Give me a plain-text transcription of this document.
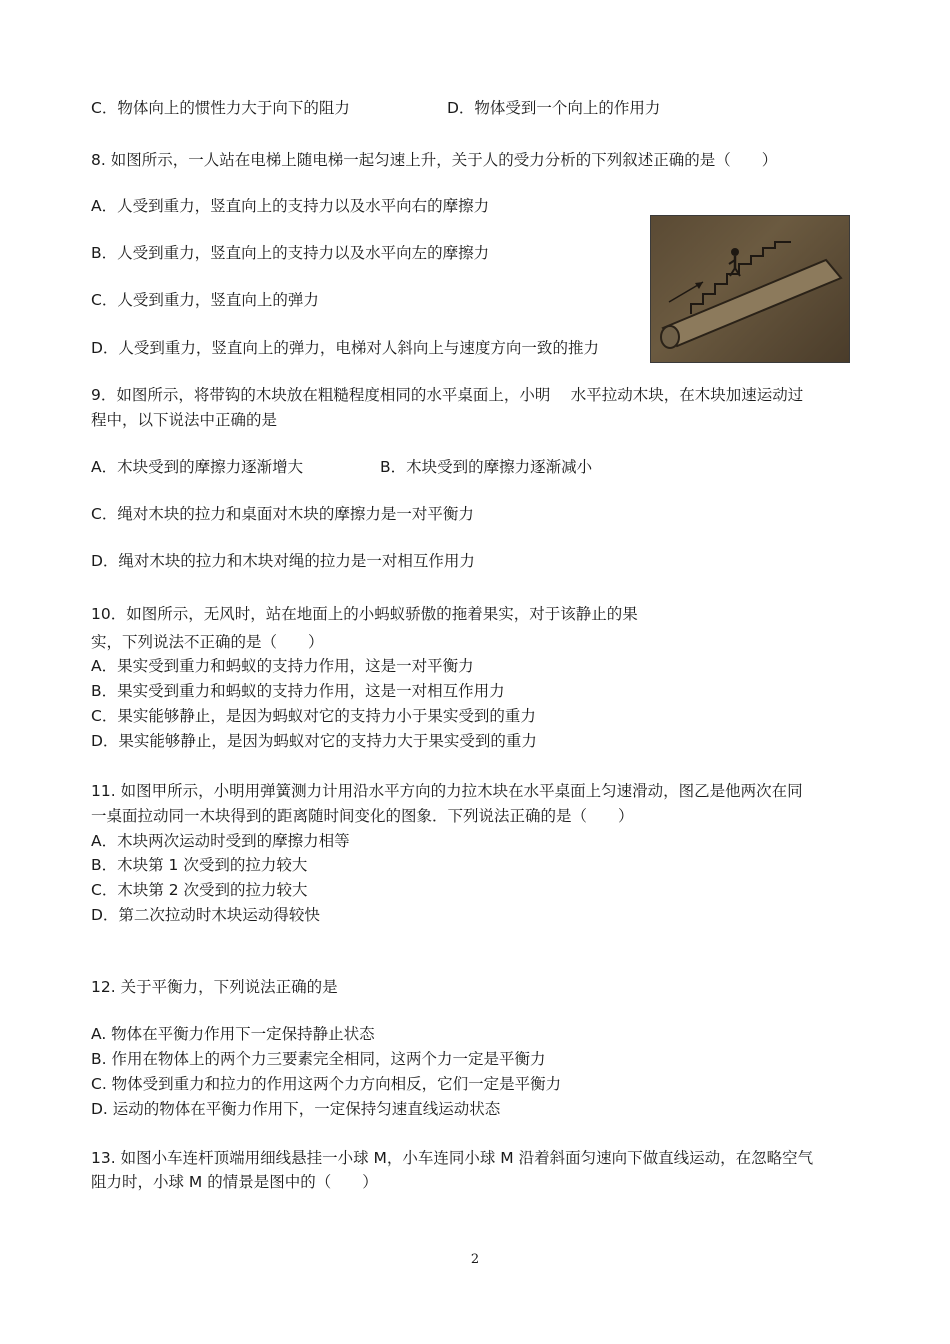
C．物体向上的惯性力大于向下的阻力	D．物体受到一个向上的作用力
8. 如图所示，一人站在电梯上随电梯一起匀速上升，关于人的受力分析的下列叙述正确的是（　　）
A．人受到重力，竖直向上的支持力以及水平向右的摩擦力
B．人受到重力，竖直向上的支持力以及水平向左的摩擦力
C．人受到重力，竖直向上的弹力
D．人受到重力，竖直向上的弹力，电梯对人斜向上与速度方向一致的推力
9．如图所示，将带钩的木块放在粗糙程度相同的水平桌面上，小明　 水平拉动木块，在木块加速运动过
程中，以下说法中正确的是
A．木块受到的摩擦力逐渐增大	B．木块受到的摩擦力逐渐减小
C．绳对木块的拉力和桌面对木块的摩擦力是一对平衡力
D．绳对木块的拉力和木块对绳的拉力是一对相互作用力
10．如图所示，无风时，站在地面上的小蚂蚁骄傲的拖着果实，对于该静止的果
实，下列说法不正确的是（　　）
A．果实受到重力和蚂蚁的支持力作用，这是一对平衡力
B．果实受到重力和蚂蚁的支持力作用，这是一对相互作用力
C．果实能够静止，是因为蚂蚁对它的支持力小于果实受到的重力
D．果实能够静止，是因为蚂蚁对它的支持力大于果实受到的重力
11. 如图甲所示，小明用弹簧测力计用沿水平方向的力拉木块在水平桌面上匀速滑动，图乙是他两次在同
一桌面拉动同一木块得到的距离随时间变化的图象．下列说法正确的是（　　）
A．木块两次运动时受到的摩擦力相等
B．木块第 1 次受到的拉力较大
C．木块第 2 次受到的拉力较大
D．第二次拉动时木块运动得较快
12. 关于平衡力，下列说法正确的是
A. 物体在平衡力作用下一定保持静止状态
B. 作用在物体上的两个力三要素完全相同，这两个力一定是平衡力
C. 物体受到重力和拉力的作用这两个力方向相反，它们一定是平衡力
D. 运动的物体在平衡力作用下，一定保持匀速直线运动状态
13. 如图小车连杆顶端用细线悬挂一小球 M，小车连同小球 M 沿着斜面匀速向下做直线运动，在忽略空气
阻力时，小球 M 的情景是图中的（　　）
2
